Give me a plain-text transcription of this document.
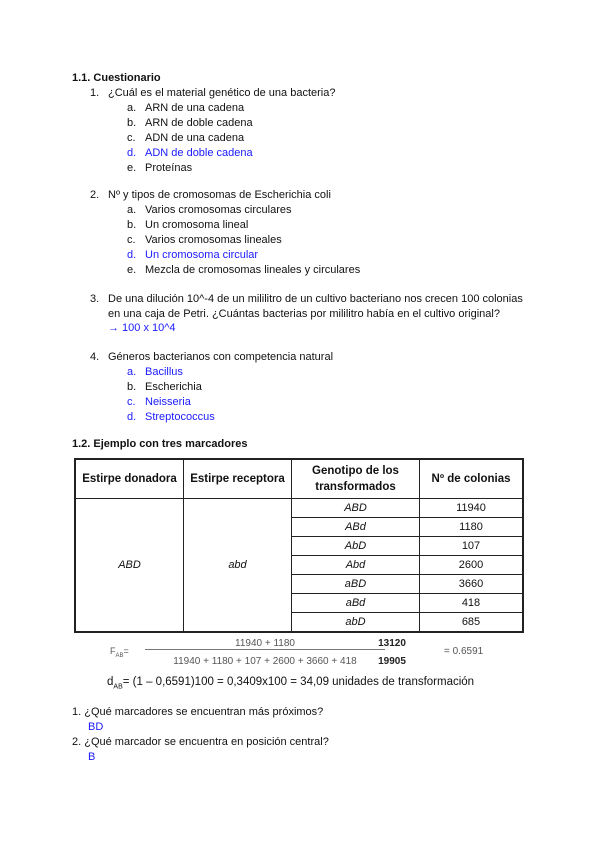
1.1. Cuestionario
1. ¿Cuál es el material genético de una bacteria?
a. ARN de una cadena
b. ARN de doble cadena
c. ADN de una cadena
d. ADN de doble cadena
e. Proteínas
2. Nº y tipos de cromosomas de Escherichia coli
a. Varios cromosomas circulares
b. Un cromosoma lineal
c. Varios cromosomas lineales
d. Un cromosoma circular
e. Mezcla de cromosomas lineales y circulares
3. De una dilución 10^-4 de un mililitro de un cultivo bacteriano nos crecen 100 colonias
en una caja de Petri. ¿Cuántas bacterias por mililitro había en el cultivo original?
→ 100 x 10^4
4. Géneros bacterianos con competencia natural
a. Bacillus
b. Escherichia
c. Neisseria
d. Streptococcus
1.2. Ejemplo con tres marcadores
Estirpe donadora	Estirpe receptora	Genotipo de los transformados	Nº de colonias
ABD	abd	ABD	11940
		ABd	1180
		AbD	107
		Abd	2600
		aBD	3660
		aBd	418
		abD	685
$F_{AB}=$
11940 + 1180
11940 + 1180 + 107 + 2600 + 3660 + 418
13120
19905
= 0.6591
$d_{AB}= (1 - 0,6591)100 = 0,3409x100 = 34,09$ unidades de transformación
1. ¿Qué marcadores se encuentran más próximos?
BD
2. ¿Qué marcador se encuentra en posición central?
B
